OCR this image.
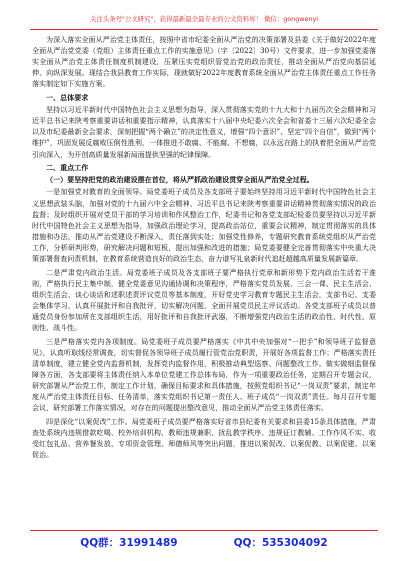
关注头条号"公文研究"，获得最新最全最专业的公文资料库！ 微信：gongwenyi

为深入落实全面从严治党主体责任，按照中省市纪委全面从严治党的决策部署及县委《关于做好2022年度全面从严治党党委（党组）主体责任重点工作的实施意见》（字〔2022〕30号）文件要求，进一步加强党委落实全面从严治党主体责任制度机制建设，压紧压实党组织管党治党的政治责任，推动全面从严治党向基层延伸、向纵深发展。现结合我县教育工作实际，现就做好2022年度教育系统全面从严治党主体责任重点工作任务落实制定如下实施方案。

一、总体要求

坚持以习近平新时代中国特色社会主义思想为指导，深入贯彻落实党的十九大和十九届历次全会精神和习近平总书记来陕考察重要讲话和重要指示精神，认真落实十八届中央纪委六次全会和省委十三届六次纪委全会以及市纪委最新全会要求，深刻把握“两个确立”的决定性意义，增强“四个意识”、坚定“四个自信”，做到“两个维护”，巩固发展反腐败压倒性胜利，一体推进不敢腐、不能腐、不想腐，以永远在路上的执着把全面从严治党引向深入，为开创高质量发展新局面提供坚强的纪律保障。

二、重点工作

（一）要坚持把党的政治建设摆在首位，将从严抓政治建设贯穿全面从严治党全过程。

一是加强党对教育的全面领导。局党委班子成员及各支部班子要始终坚持用习近平新时代中国特色社会主义思想武装头脑，加强对党的十九届六中全会精神、习近平总书记来陕考察重要讲话精神贯彻落实情况的政治监督；及时组织开展对党员干部的学习培训和作风整治工作，纪委书记和各党支部纪检委员要坚持以习近平新时代中国特色社会主义思想为指导，加强政治理论学习，提高政治站位，重要会议精神，制定贯彻落实的具体措施和办法，推动从严治党建设不断深入，责任落到实处；加强党性修养，专题研究教育系统党组织从严治党工作，分析研判形势，研究解决问题和短板，提出加强和改进的措施；局党委要健全完善贯彻落实中央重大决策部署督查问责机制，在教育系统营造良好的政治生态，奋力谱写礼泉新时代追赶超越高质量发展新篇章。

二是严肃党内政治生活。局党委班子成员及各支部班子要严格执行党章和新形势下党内政治生活若干准则，严格执行民主集中制，健全党委意见沟通协调和决策程序，严格落实党员发展、三会一课、民主生活会、组织生活会、谈心谈话和述职述责评议党员等基本制度，开好党史学习教育专题民主生活会，支部书记、支委会集体学习，认真开展批评和自我批评，切实解决问题，全面开展党员民主评议活动。各党支部班子成员以普通党员身份参加所在支部组织生活，用好批评和自我批评武器，不断增强党内政治生活的政治性、时代性、原则性、战斗性。

三是严格落实党内各项制度。局党委班子成员要严格落实《中共中央加强对“一把手”和领导班子监督意见》，认真听取线经常调查，切实督促各领导班子成员履行管党治党职责，开展好各项监督工作；严格落实责任清单制度，建立健全党内监督机制，发挥党内监督作用，积极推动典型巡察、问题整改工作。做实做细监督保障各方面，各支部要将主体责任纳入本单位党建工作总体布局，作为一项重要政治任务，定期召开专题会议，研究部署从严治党工作，制定工作计划，确保目标要求和具体措施，按照党组织书记“一岗双责”要求，制定年度从严治党主体责任目标、任务清单，落实党组织书记第一责任人、班子成员“一岗双责”责任。每月召开专题会议，研究部署工作落实情况，对存在的问题提出整改意见，推动全面从严治党主体责任落实。

四是深化“以案促改”工作。局党委班子成员要严格落实好省市县纪委有关要求和县委15条具体措施，严肃查处系统内违规借款吃喝、校外培训机构、教师违规兼职、扰乱教学秩序、违规征订教辅、工作作风不实、收受红包礼品、营养餐发放、专项资金管理、师德师风等突出问题，推进以案促改、以案促教、以案促建、以案促治。

QQ群：31991489	QQ：535304092
